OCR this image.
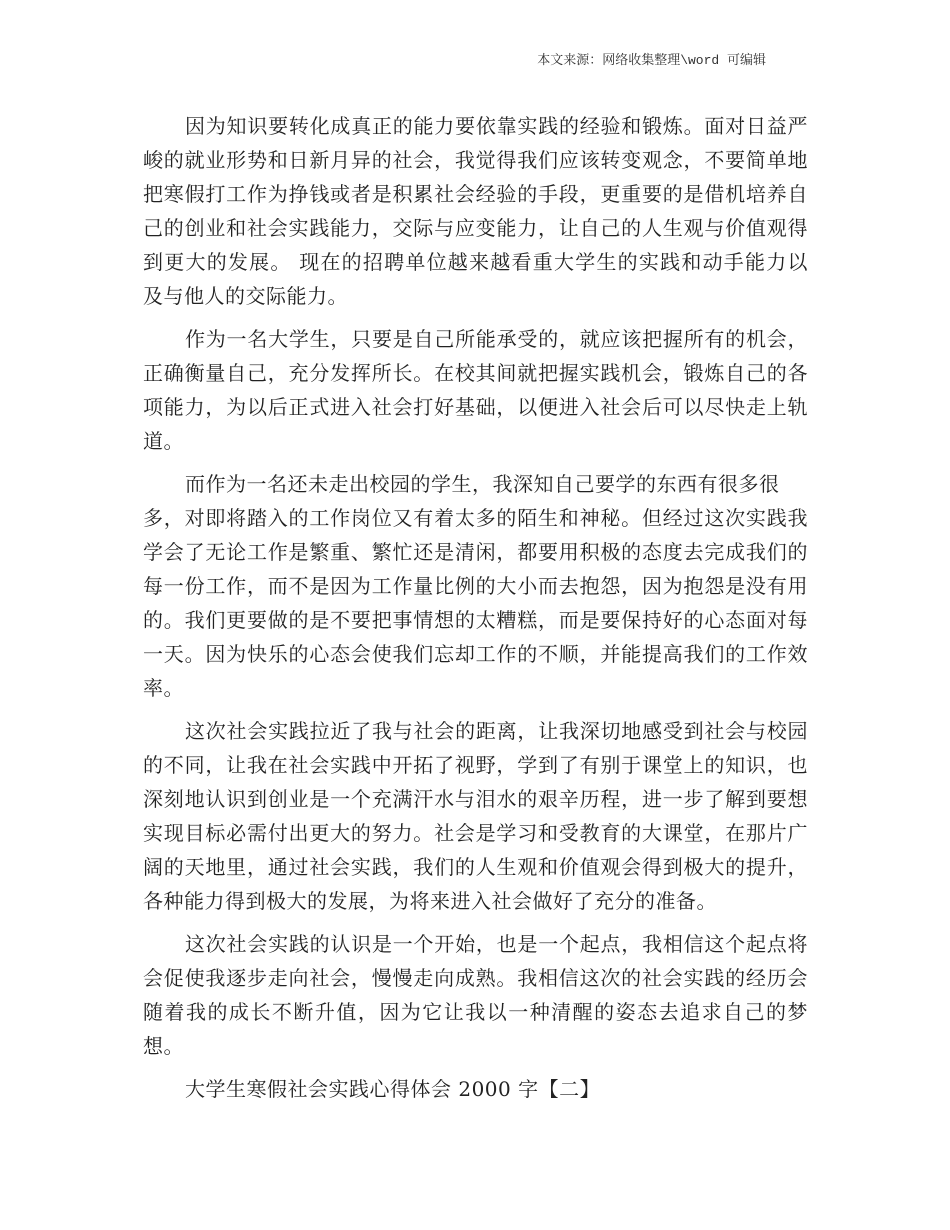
本文来源：网络收集整理\word 可编辑
因为知识要转化成真正的能力要依靠实践的经验和锻炼。面对日益严
峻的就业形势和日新月异的社会，我觉得我们应该转变观念，不要简单地
把寒假打工作为挣钱或者是积累社会经验的手段，更重要的是借机培养自
己的创业和社会实践能力，交际与应变能力，让自己的人生观与价值观得
到更大的发展。 现在的招聘单位越来越看重大学生的实践和动手能力以
及与他人的交际能力。
作为一名大学生，只要是自己所能承受的，就应该把握所有的机会，
正确衡量自己，充分发挥所长。在校其间就把握实践机会，锻炼自己的各
项能力，为以后正式进入社会打好基础，以便进入社会后可以尽快走上轨
道。
而作为一名还未走出校园的学生，我深知自己要学的东西有很多很
多，对即将踏入的工作岗位又有着太多的陌生和神秘。但经过这次实践我
学会了无论工作是繁重、繁忙还是清闲，都要用积极的态度去完成我们的
每一份工作，而不是因为工作量比例的大小而去抱怨，因为抱怨是没有用
的。我们更要做的是不要把事情想的太糟糕，而是要保持好的心态面对每
一天。因为快乐的心态会使我们忘却工作的不顺，并能提高我们的工作效
率。
这次社会实践拉近了我与社会的距离，让我深切地感受到社会与校园
的不同，让我在社会实践中开拓了视野，学到了有别于课堂上的知识，也
深刻地认识到创业是一个充满汗水与泪水的艰辛历程，进一步了解到要想
实现目标必需付出更大的努力。社会是学习和受教育的大课堂，在那片广
阔的天地里，通过社会实践，我们的人生观和价值观会得到极大的提升，
各种能力得到极大的发展，为将来进入社会做好了充分的准备。
这次社会实践的认识是一个开始，也是一个起点，我相信这个起点将
会促使我逐步走向社会，慢慢走向成熟。我相信这次的社会实践的经历会
随着我的成长不断升值，因为它让我以一种清醒的姿态去追求自己的梦
想。
大学生寒假社会实践心得体会 2000 字【二】
